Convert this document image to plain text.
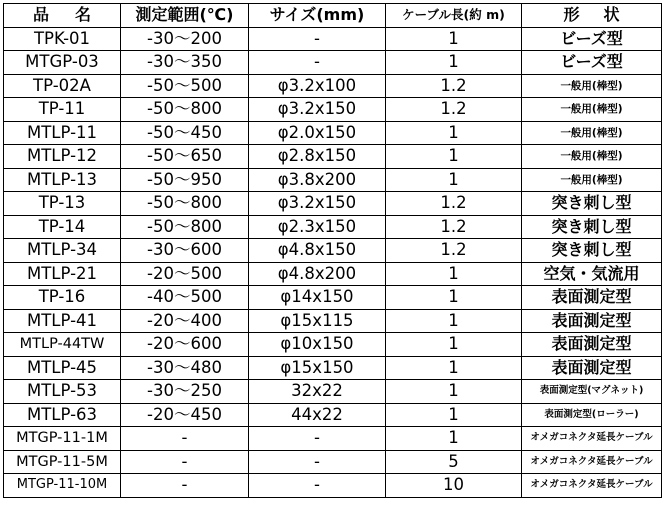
品名	測定範囲(℃)	サイズ(mm)	ケーブル長(約 m)	形状
TPK-01	-30～200	-	1	ビーズ型
MTGP-03	-30～350	-	1	ビーズ型
TP-02A	-50～500	φ3.2x100	1.2	一般用(棒型)
TP-11	-50～800	φ3.2x150	1.2	一般用(棒型)
MTLP-11	-50～450	φ2.0x150	1	一般用(棒型)
MTLP-12	-50～650	φ2.8x150	1	一般用(棒型)
MTLP-13	-50～950	φ3.8x200	1	一般用(棒型)
TP-13	-50～800	φ3.2x150	1.2	突き刺し型
TP-14	-50～800	φ2.3x150	1.2	突き刺し型
MTLP-34	-30～600	φ4.8x150	1.2	突き刺し型
MTLP-21	-20～500	φ4.8x200	1	空気・気流用
TP-16	-40～500	φ14x150	1	表面測定型
MTLP-41	-20～400	φ15x115	1	表面測定型
MTLP-44TW	-20～600	φ10x150	1	表面測定型
MTLP-45	-30～480	φ15x150	1	表面測定型
MTLP-53	-30～250	32x22	1	表面測定型(マグネット)
MTLP-63	-20～450	44x22	1	表面測定型(ローラー)
MTGP-11-1M	-	-	1	オメガコネクタ延長ケーブル
MTGP-11-5M	-	-	5	オメガコネクタ延長ケーブル
MTGP-11-10M	-	-	10	オメガコネクタ延長ケーブル
